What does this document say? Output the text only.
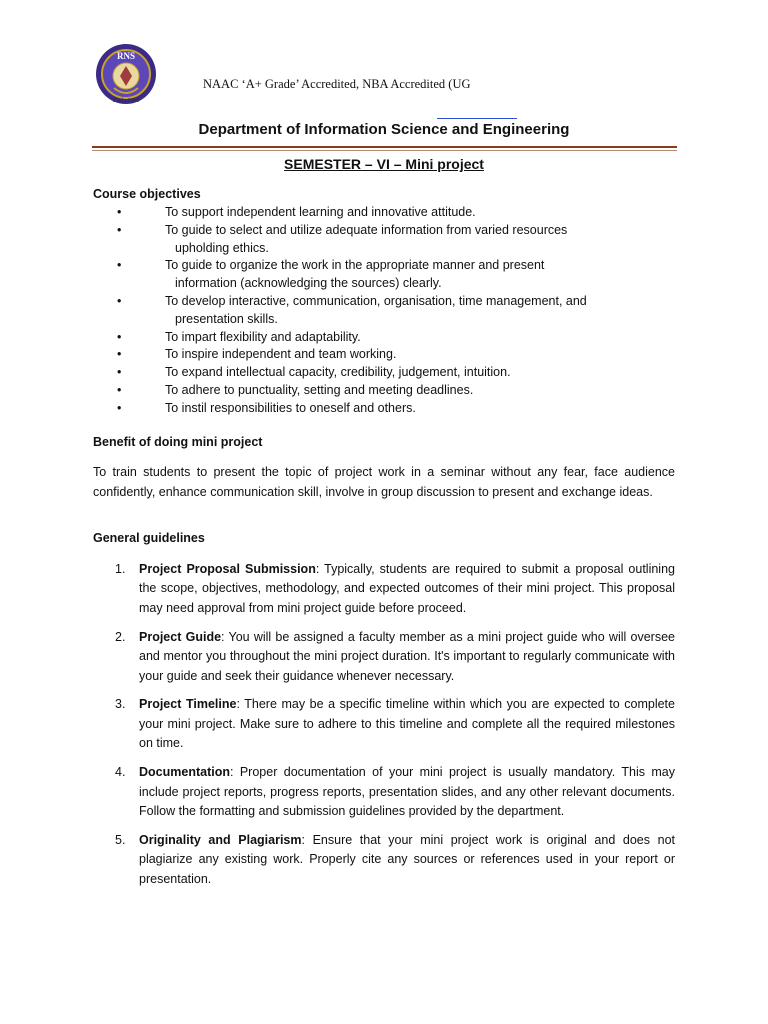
RNS
Estd : 2001
NAAC ‘A+ Grade’ Accredited, NBA Accredited (UG
Department of Information Science and Engineering
SEMESTER – VI – Mini project
Course objectives
•	To support independent learning and innovative attitude.
•	To guide to select and utilize adequate information from varied resources
upholding ethics.
•	To guide to organize the work in the appropriate manner and present
information (acknowledging the sources) clearly.
•	To develop interactive, communication, organisation, time management, and
presentation skills.
•	To impart flexibility and adaptability.
•	To inspire independent and team working.
•	To expand intellectual capacity, credibility, judgement, intuition.
•	To adhere to punctuality, setting and meeting deadlines.
•	To instil responsibilities to oneself and others.
Benefit of doing mini project

To train students to present the topic of project work in a seminar without any fear, face audience confidently, enhance communication skill, involve in group discussion to present and exchange ideas.

General guidelines
1. Project Proposal Submission: Typically, students are required to submit a proposal outlining the scope, objectives, methodology, and expected outcomes of their mini project. This proposal may need approval from mini project guide before proceed.
2. Project Guide: You will be assigned a faculty member as a mini project guide who will oversee and mentor you throughout the mini project duration. It's important to regularly communicate with your guide and seek their guidance whenever necessary.
3. Project Timeline: There may be a specific timeline within which you are expected to complete your mini project. Make sure to adhere to this timeline and complete all the required milestones on time.
4. Documentation: Proper documentation of your mini project is usually mandatory. This may include project reports, progress reports, presentation slides, and any other relevant documents. Follow the formatting and submission guidelines provided by the department.
5. Originality and Plagiarism: Ensure that your mini project work is original and does not plagiarize any existing work. Properly cite any sources or references used in your report or presentation.
